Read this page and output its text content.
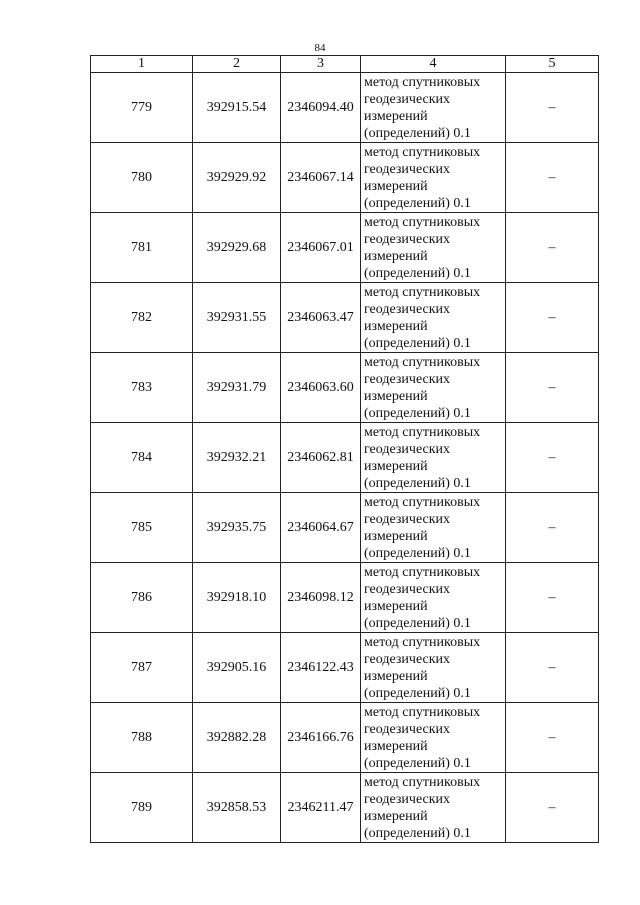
84
1	2	3	4	5
779	392915.54	2346094.40	метод спутниковых
геодезических
измерений
(определений) 0.1	–
780	392929.92	2346067.14	метод спутниковых
геодезических
измерений
(определений) 0.1	–
781	392929.68	2346067.01	метод спутниковых
геодезических
измерений
(определений) 0.1	–
782	392931.55	2346063.47	метод спутниковых
геодезических
измерений
(определений) 0.1	–
783	392931.79	2346063.60	метод спутниковых
геодезических
измерений
(определений) 0.1	–
784	392932.21	2346062.81	метод спутниковых
геодезических
измерений
(определений) 0.1	–
785	392935.75	2346064.67	метод спутниковых
геодезических
измерений
(определений) 0.1	–
786	392918.10	2346098.12	метод спутниковых
геодезических
измерений
(определений) 0.1	–
787	392905.16	2346122.43	метод спутниковых
геодезических
измерений
(определений) 0.1	–
788	392882.28	2346166.76	метод спутниковых
геодезических
измерений
(определений) 0.1	–
789	392858.53	2346211.47	метод спутниковых
геодезических
измерений
(определений) 0.1	–
